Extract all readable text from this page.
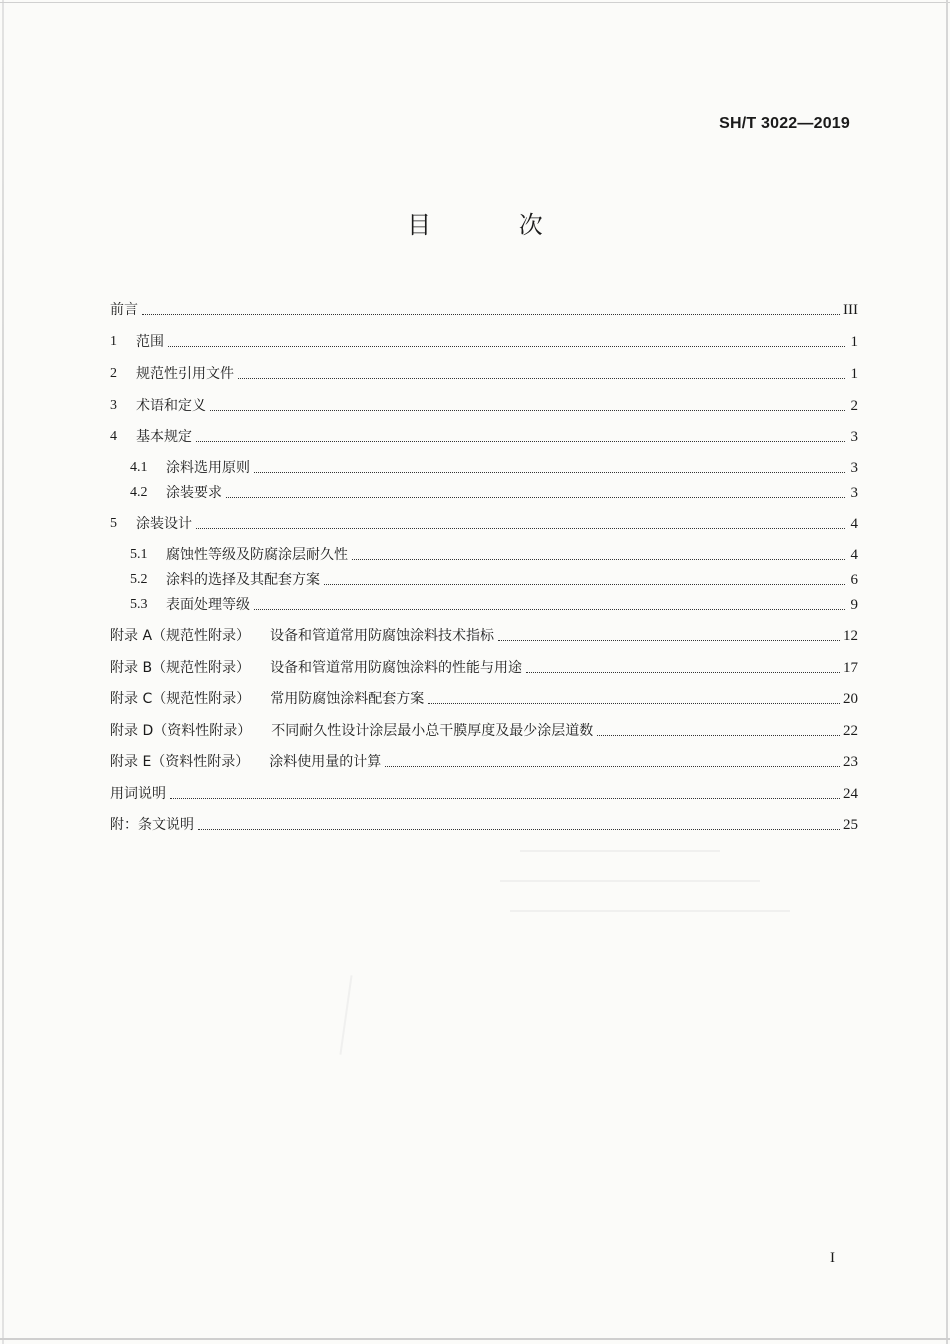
SH/T 3022—2019
目 次
前言	III
1	范围	1
2	规范性引用文件	1
3	术语和定义	2
4	基本规定	3
4.1	涂料选用原则	3
4.2	涂装要求	3
5	涂装设计	4
5.1	腐蚀性等级及防腐涂层耐久性	4
5.2	涂料的选择及其配套方案	6
5.3	表面处理等级	9
附录 A（规范性附录） 设备和管道常用防腐蚀涂料技术指标	12
附录 B（规范性附录） 设备和管道常用防腐蚀涂料的性能与用途	17
附录 C（规范性附录） 常用防腐蚀涂料配套方案	20
附录 D（资料性附录） 不同耐久性设计涂层最小总干膜厚度及最少涂层道数	22
附录 E（资料性附录） 涂料使用量的计算	23
用词说明	24
附：条文说明	25
I
